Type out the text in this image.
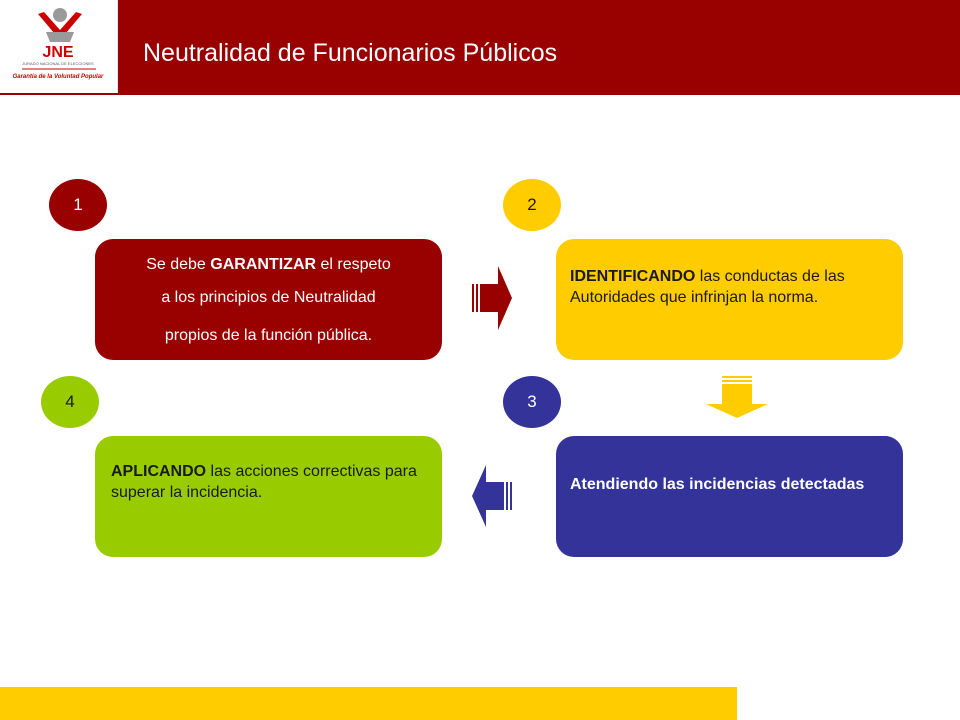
JNE
JURADO NACIONAL DE ELECCIONES
Garantía de la Voluntad Popular
Neutralidad de Funcionarios Públicos
1	2
3
4
Se debe GARANTIZAR el respeto
a los principios de Neutralidad
propios de la función pública.
IDENTIFICANDO las conductas de las Autoridades que infrinjan la norma.
Atendiendo las incidencias detectadas
APLICANDO las acciones correctivas para superar la incidencia.
